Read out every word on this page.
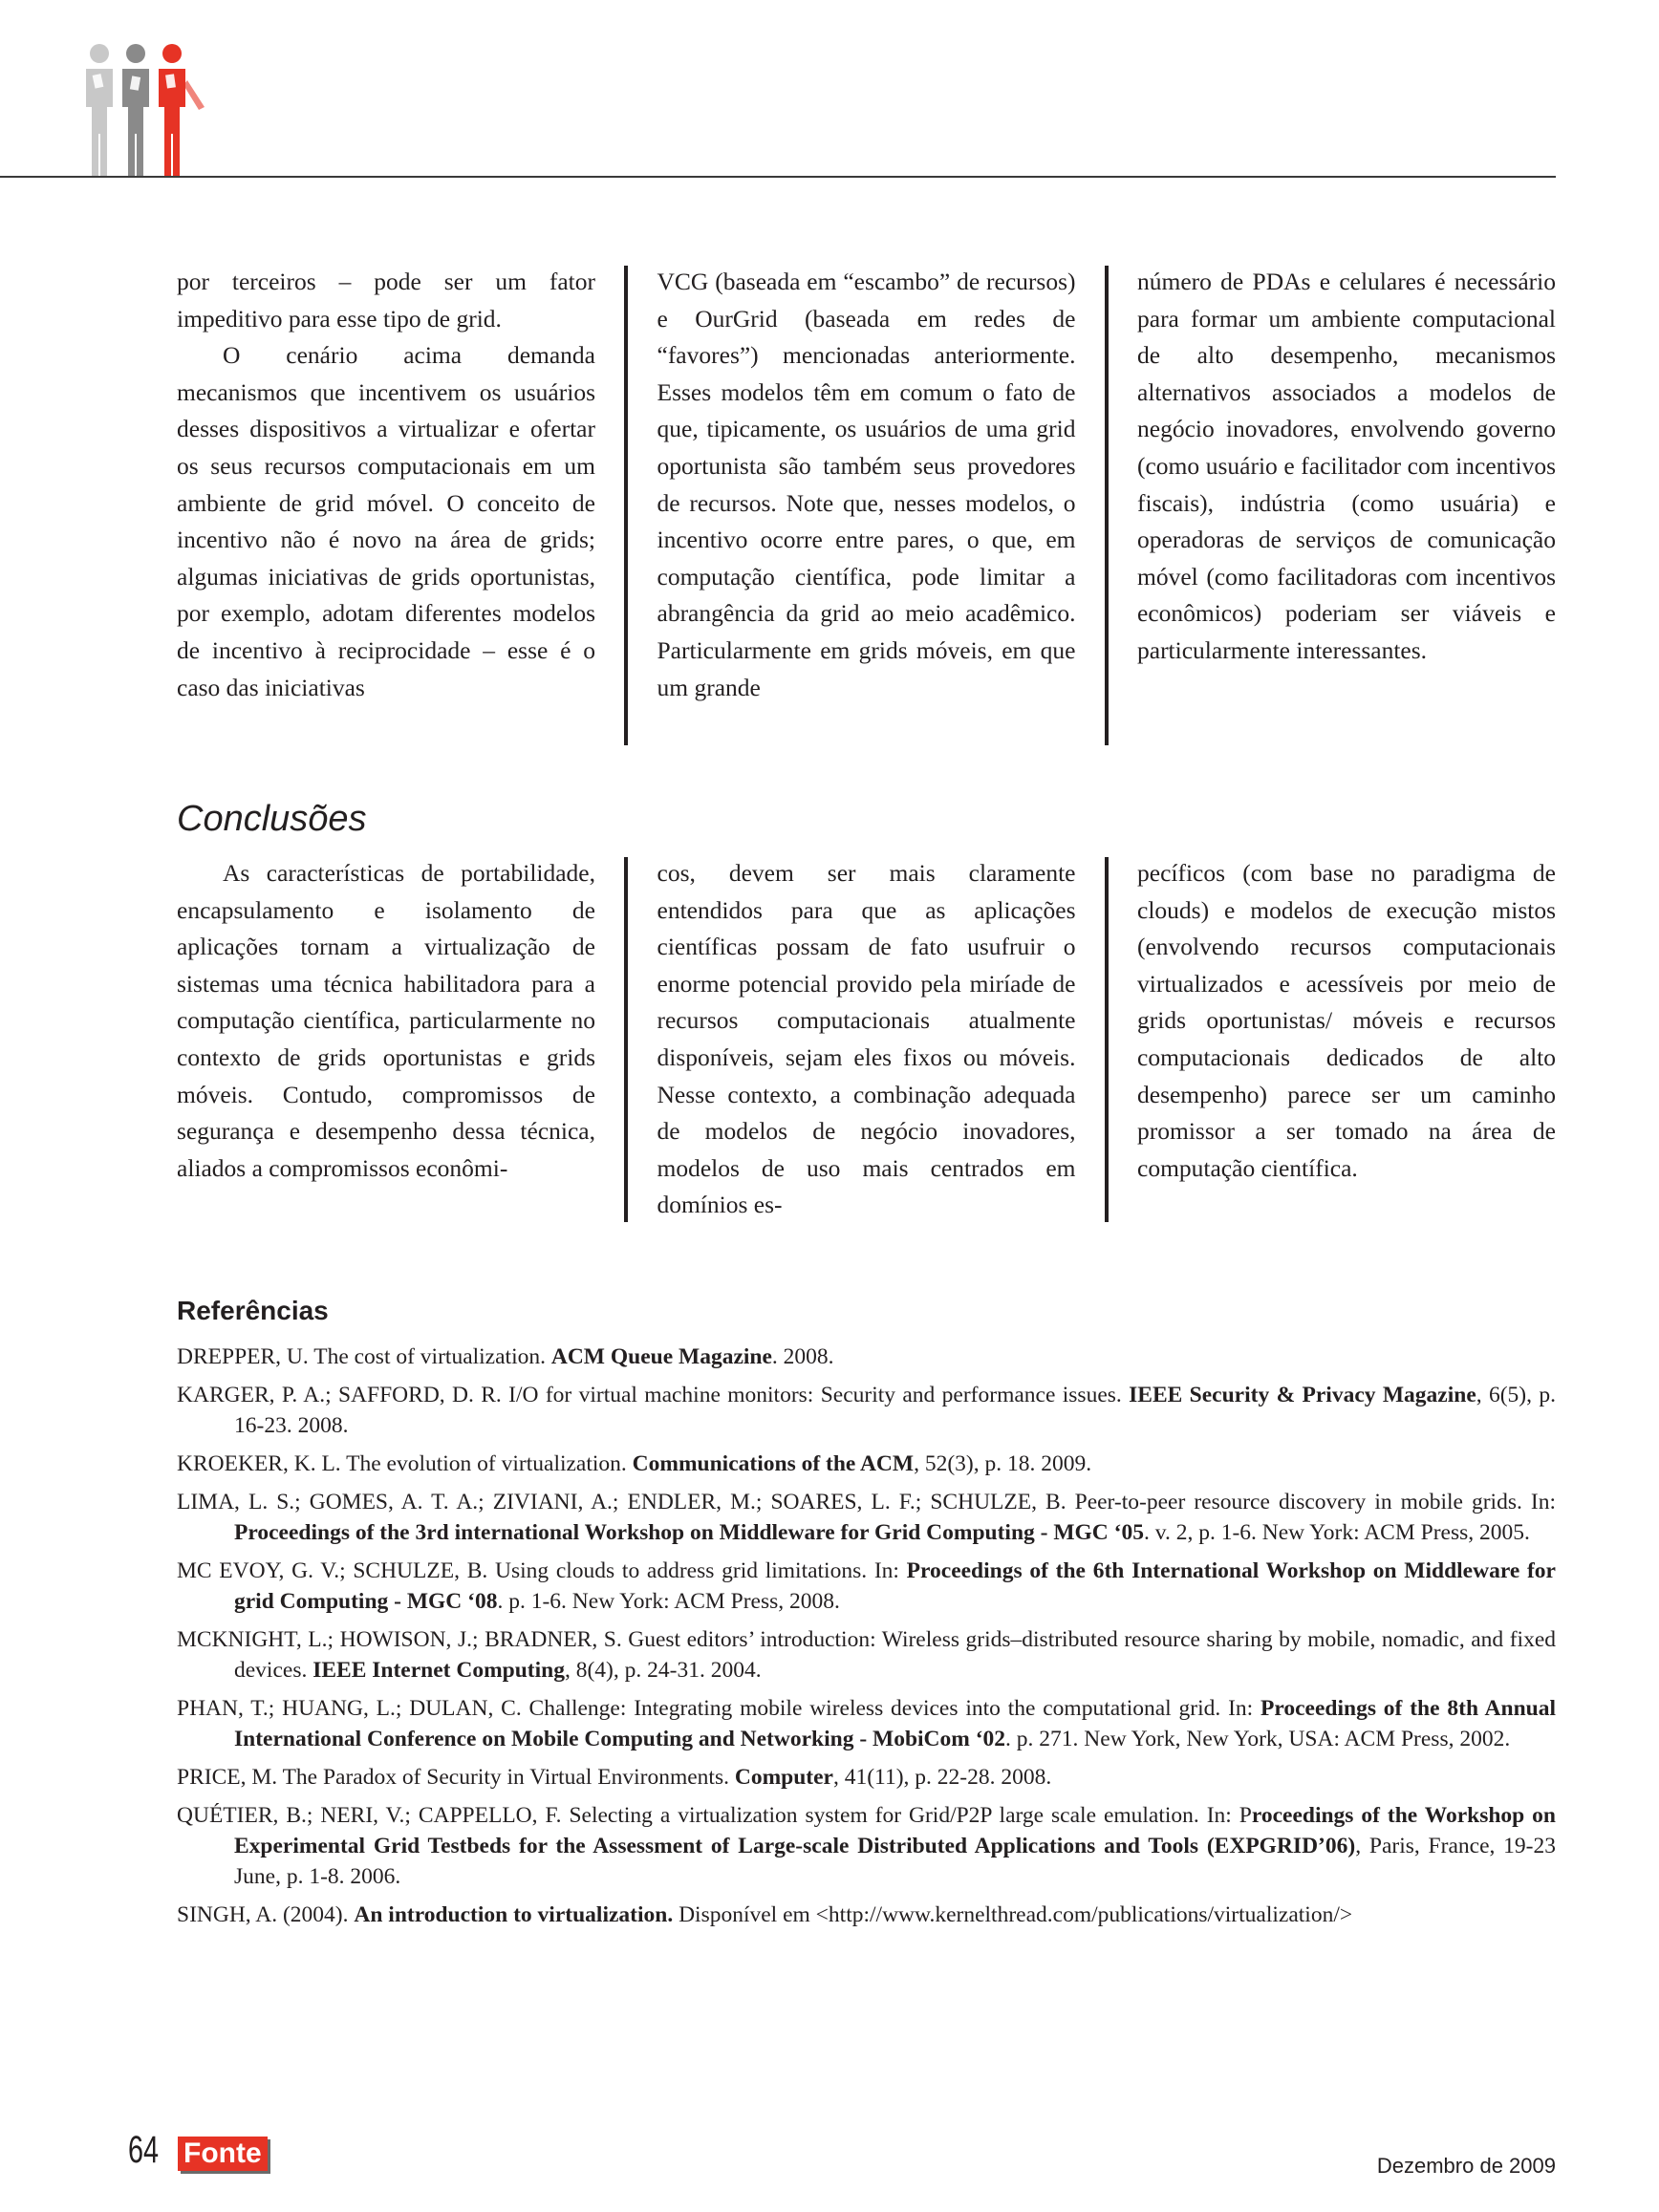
por terceiros – pode ser um fator impeditivo para esse tipo de grid.

O cenário acima demanda mecanismos que incentivem os usuários desses dispositivos a virtualizar e ofertar os seus recursos computacionais em um ambiente de grid móvel. O conceito de incentivo não é novo na área de grids; algumas iniciativas de grids oportunistas, por exemplo, adotam diferentes modelos de incentivo à reciprocidade – esse é o caso das iniciativas

VCG (baseada em “escambo” de recursos) e OurGrid (baseada em redes de “favores”) mencionadas anteriormente. Esses modelos têm em comum o fato de que, tipicamente, os usuários de uma grid oportunista são também seus provedores de recursos. Note que, nesses modelos, o incentivo ocorre entre pares, o que, em computação científica, pode limitar a abrangência da grid ao meio acadêmico. Particularmente em grids móveis, em que um grande

número de PDAs e celulares é necessário para formar um ambiente computacional de alto desempenho, mecanismos alternativos associados a modelos de negócio inovadores, envolvendo governo (como usuário e facilitador com incentivos fiscais), indústria (como usuária) e operadoras de serviços de comunicação móvel (como facilitadoras com incentivos econômicos) poderiam ser viáveis e particularmente interessantes.

Conclusões

As características de portabilidade, encapsulamento e isolamento de aplicações tornam a virtualização de sistemas uma técnica habilitadora para a computação científica, particularmente no contexto de grids oportunistas e grids móveis. Contudo, compromissos de segurança e desempenho dessa técnica, aliados a compromissos econômi-

cos, devem ser mais claramente entendidos para que as aplicações científicas possam de fato usufruir o enorme potencial provido pela miríade de recursos computacionais atualmente disponíveis, sejam eles fixos ou móveis. Nesse contexto, a combinação adequada de modelos de negócio inovadores, modelos de uso mais centrados em domínios es-

pecíficos (com base no paradigma de clouds) e modelos de execução mistos (envolvendo recursos computacionais virtualizados e acessíveis por meio de grids oportunistas/ móveis e recursos computacionais dedicados de alto desempenho) parece ser um caminho promissor a ser tomado na área de computação científica.

Referências
DREPPER, U. The cost of virtualization. ACM Queue Magazine. 2008.
KARGER, P. A.; SAFFORD, D. R. I/O for virtual machine monitors: Security and performance issues. IEEE Security & Privacy Magazine, 6(5), p. 16-23. 2008.
KROEKER, K. L. The evolution of virtualization. Communications of the ACM, 52(3), p. 18. 2009.
LIMA, L. S.; GOMES, A. T. A.; ZIVIANI, A.; ENDLER, M.; SOARES, L. F.; SCHULZE, B. Peer-to-peer resource discovery in mobile grids. In: Proceedings of the 3rd international Workshop on Middleware for Grid Computing - MGC ‘05. v. 2, p. 1-6. New York: ACM Press, 2005.
MC EVOY, G. V.; SCHULZE, B. Using clouds to address grid limitations. In: Proceedings of the 6th International Workshop on Middleware for grid Computing - MGC ‘08. p. 1-6. New York: ACM Press, 2008.
MCKNIGHT, L.; HOWISON, J.; BRADNER, S. Guest editors’ introduction: Wireless grids–distributed resource sharing by mobile, nomadic, and fixed devices. IEEE Internet Computing, 8(4), p. 24-31. 2004.
PHAN, T.; HUANG, L.; DULAN, C. Challenge: Integrating mobile wireless devices into the computational grid. In: Proceedings of the 8th Annual International Conference on Mobile Computing and Networking - MobiCom ‘02. p. 271. New York, New York, USA: ACM Press, 2002.
PRICE, M. The Paradox of Security in Virtual Environments. Computer, 41(11), p. 22-28. 2008.
QUÉTIER, B.; NERI, V.; CAPPELLO, F. Selecting a virtualization system for Grid/P2P large scale emulation. In: Proceedings of the Workshop on Experimental Grid Testbeds for the Assessment of Large-scale Distributed Applications and Tools (EXPGRID’06), Paris, France, 19-23 June, p. 1-8. 2006.
SINGH, A. (2004). An introduction to virtualization. Disponível em <http://www.kernelthread.com/publications/virtualization/>
64 Fonte	Dezembro de 2009
